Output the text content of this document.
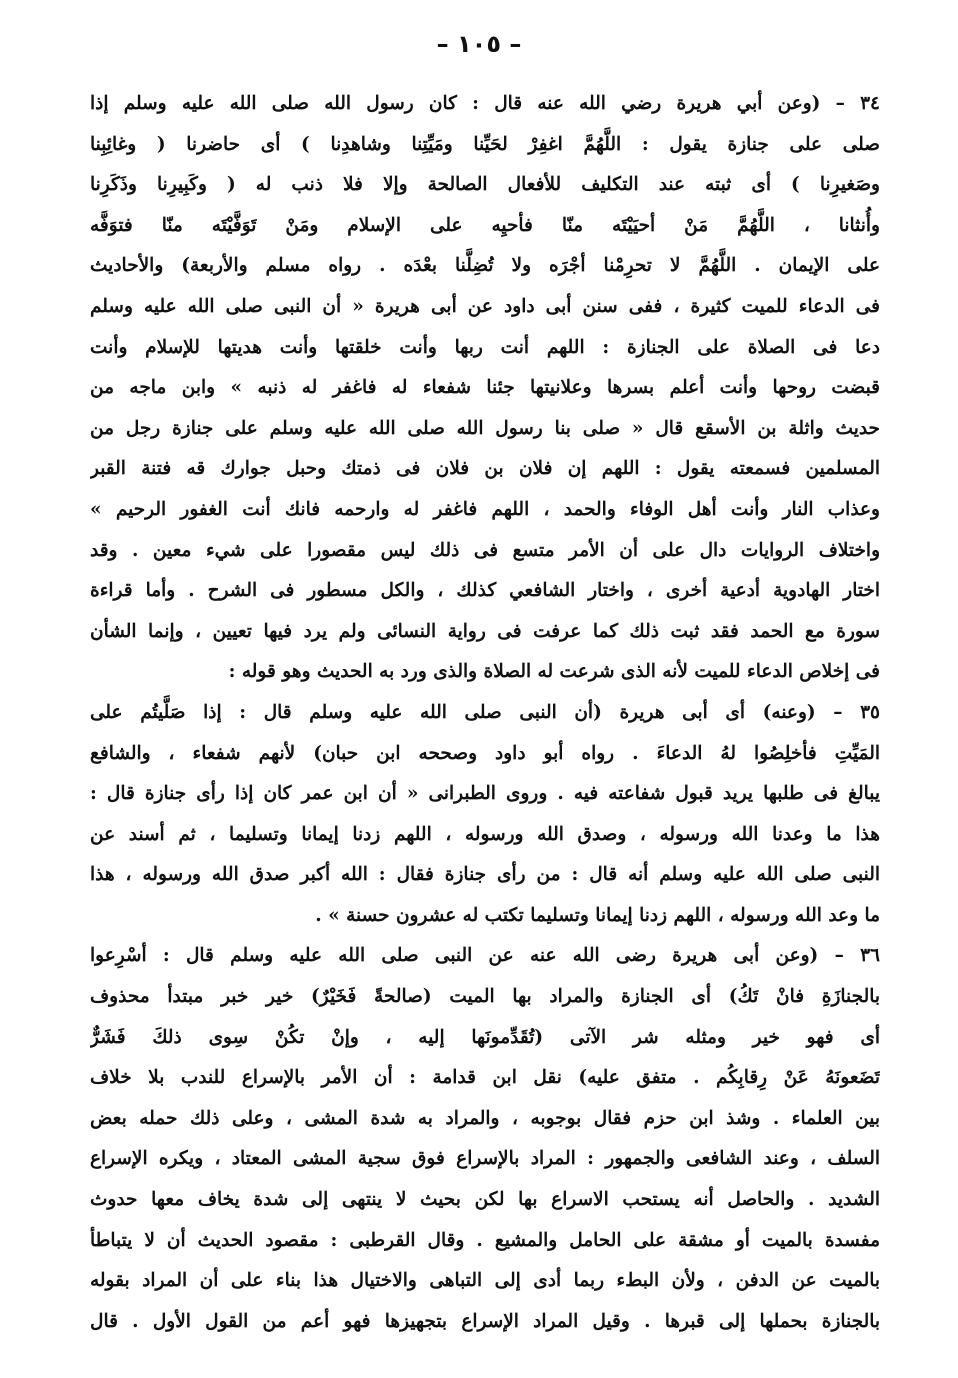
– ١٠٥ –
٣٤ – (وعن أبي هريرة رضي الله عنه قال : كان رسول الله صلى الله عليه وسلم إذا
صلى على جنازة يقول : اللَّهُمَّ اغفِرْ لحَيِّنا ومَيِّتِنا وشاهدِنا ) أى حاضرنا ( وغائِبِنا
وصَغيرِنا ) أى ثبته عند التكليف للأفعال الصالحة وإلا فلا ذنب له ( وكَبِيرِنا وذَكَرِنا
وأُنثانا ، اللَّهُمَّ مَنْ أحيَيْتَه منّا فأحيِه على الإسلام ومَنْ تَوَفَّيْتَه منّا فتوَفَّه
على الإيمان . اللَّهُمَّ لا تحرِمْنا أجْرَه ولا تُضِلَّنا بعْدَه . رواه مسلم والأربعة) والأحاديث
فى الدعاء للميت كثيرة ، ففى سنن أبى داود عن أبى هريرة « أن النبى صلى الله عليه وسلم
دعا فى الصلاة على الجنازة : اللهم أنت ربها وأنت خلقتها وأنت هديتها للإسلام وأنت
قبضت روحها وأنت أعلم بسرها وعلانيتها جئنا شفعاء له فاغفر له ذنبه » وابن ماجه من
حديث واثلة بن الأسقع قال « صلى بنا رسول الله صلى الله عليه وسلم على جنازة رجل من
المسلمين فسمعته يقول : اللهم إن فلان بن فلان فى ذمتك وحبل جوارك قه فتنة القبر
وعذاب النار وأنت أهل الوفاء والحمد ، اللهم فاغفر له وارحمه فانك أنت الغفور الرحيم »
واختلاف الروايات دال على أن الأمر متسع فى ذلك ليس مقصورا على شيء معين . وقد
اختار الهادوية أدعية أخرى ، واختار الشافعي كذلك ، والكل مسطور فى الشرح . وأما قراءة
سورة مع الحمد فقد ثبت ذلك كما عرفت فى رواية النسائى ولم يرد فيها تعيين ، وإنما الشأن
فى إخلاص الدعاء للميت لأنه الذى شرعت له الصلاة والذى ورد به الحديث وهو قوله :
٣٥ – (وعنه) أى أبى هريرة (أن النبى صلى الله عليه وسلم قال : إذا صَلَّيتُم على
المَيِّتِ فأخلِصُوا لهُ الدعاءَ . رواه أبو داود وصححه ابن حبان) لأنهم شفعاء ، والشافع
يبالغ فى طلبها يريد قبول شفاعته فيه . وروى الطبرانى « أن ابن عمر كان إذا رأى جنازة قال :
هذا ما وعدنا الله ورسوله ، وصدق الله ورسوله ، اللهم زدنا إيمانا وتسليما ، ثم أسند عن
النبى صلى الله عليه وسلم أنه قال : من رأى جنازة فقال : الله أكبر صدق الله ورسوله ، هذا
ما وعد الله ورسوله ، اللهم زدنا إيمانا وتسليما تكتب له عشرون حسنة » .
٣٦ – (وعن أبى هريرة رضى الله عنه عن النبى صلى الله عليه وسلم قال : أسْرِعوا
بالجنازَةِ فانْ تَكُ) أى الجنازة والمراد بها الميت (صالحةً فَخَيْرٌ) خير خبر مبتدأ محذوف
أى فهو خير ومثله شر الآتى (تُقَدِّمونَها إليه ، وإنْ تكُنْ سِوى ذلكَ فَشَرٌّ
تَضَعونَهُ عَنْ رِقابِكُم . متفق عليه) نقل ابن قدامة : أن الأمر بالإسراع للندب بلا خلاف
بين العلماء . وشذ ابن حزم فقال بوجوبه ، والمراد به شدة المشى ، وعلى ذلك حمله بعض
السلف ، وعند الشافعى والجمهور : المراد بالإسراع فوق سجية المشى المعتاد ، ويكره الإسراع
الشديد . والحاصل أنه يستحب الاسراع بها لكن بحيث لا ينتهى إلى شدة يخاف معها حدوث
مفسدة بالميت أو مشقة على الحامل والمشيع . وقال القرطبى : مقصود الحديث أن لا يتباطأ
بالميت عن الدفن ، ولأن البطء ربما أدى إلى التباهى والاختيال هذا بناء على أن المراد بقوله
بالجنازة بحملها إلى قبرها . وقيل المراد الإسراع بتجهيزها فهو أعم من القول الأول . قال
